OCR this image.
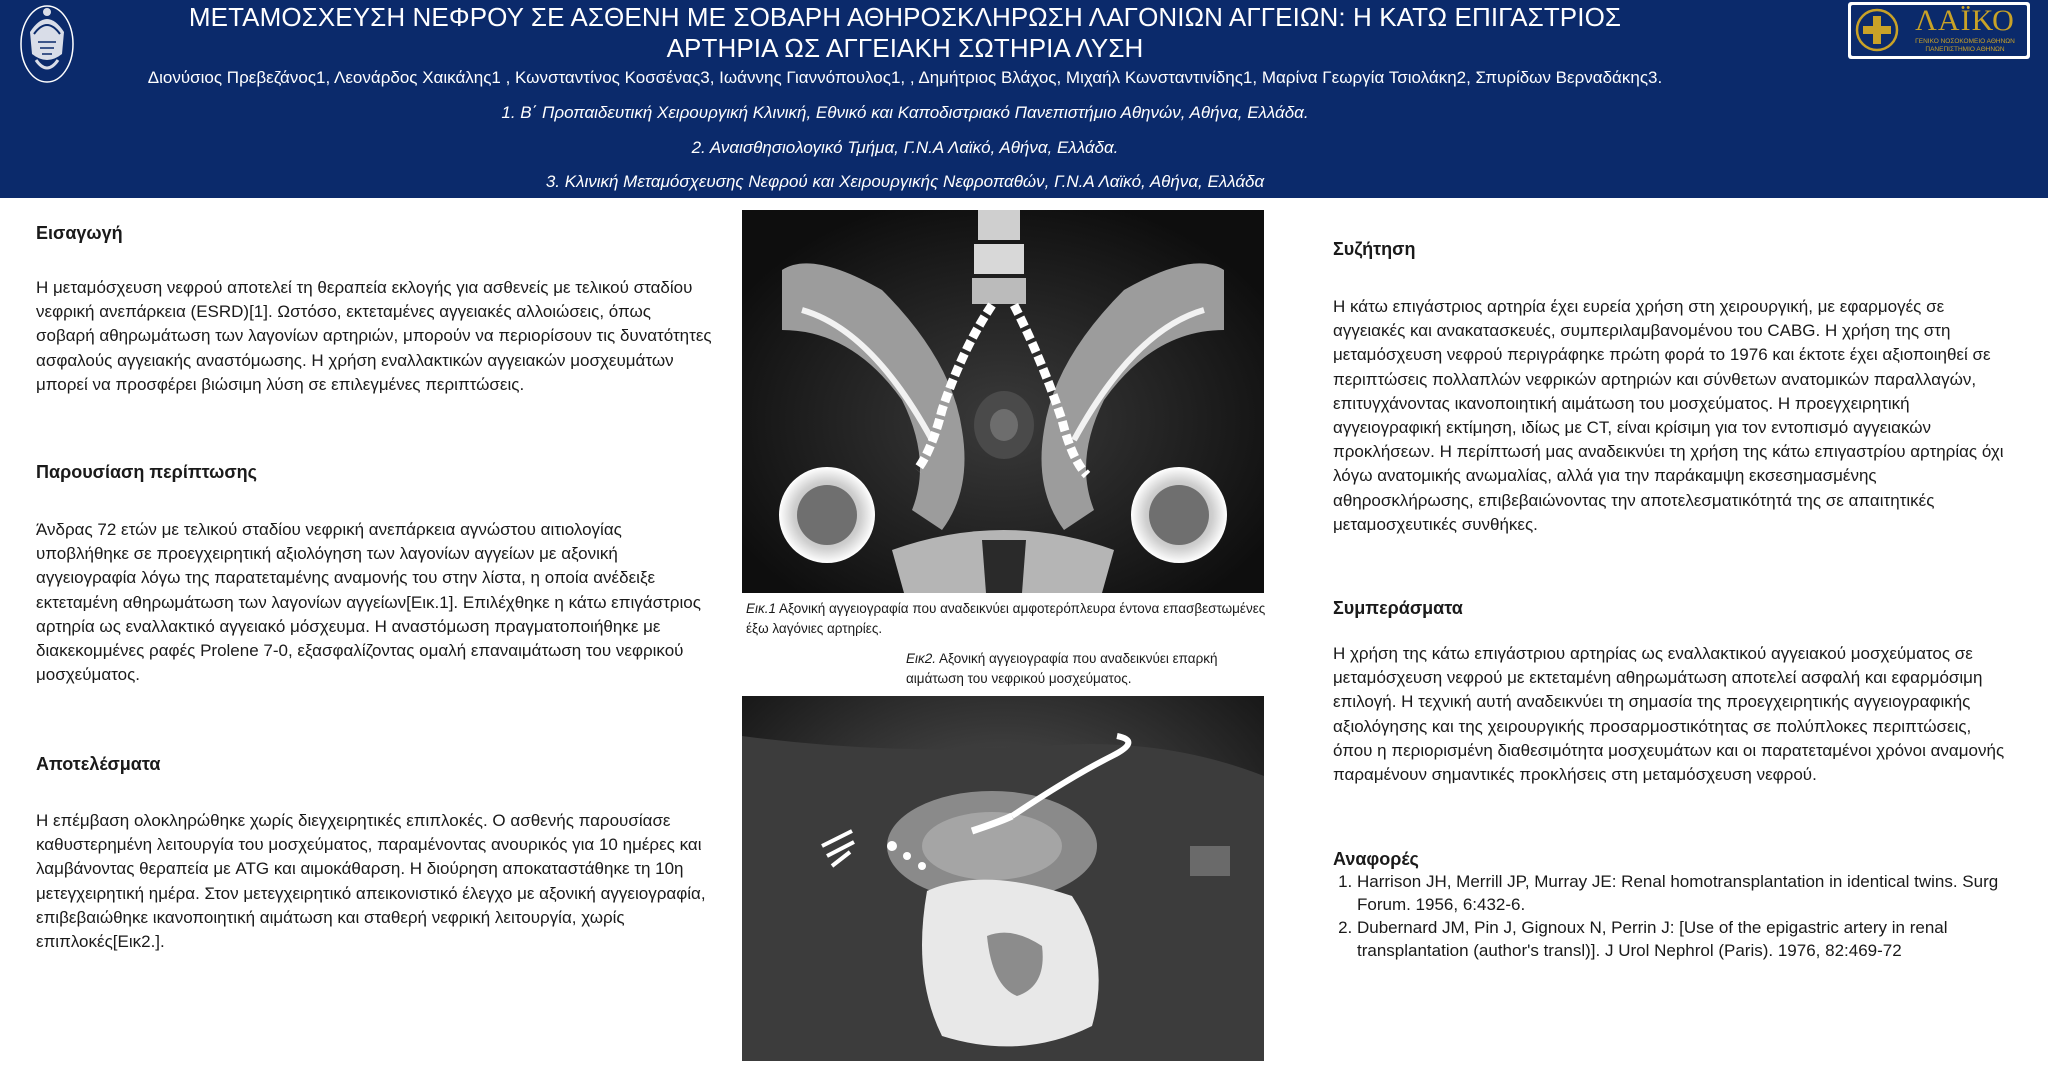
ΜΕΤΑΜΟΣΧΕΥΣΗ ΝΕΦΡΟΥ ΣΕ ΑΣΘΕΝΗ ΜΕ ΣΟΒΑΡΗ ΑΘΗΡΟΣΚΛΗΡΩΣΗ ΛΑΓΟΝΙΩΝ ΑΓΓΕΙΩΝ: Η ΚΑΤΩ ΕΠΙΓΑΣΤΡΙΟΣ
ΑΡΤΗΡΙΑ ΩΣ ΑΓΓΕΙΑΚΗ ΣΩΤΗΡΙΑ ΛΥΣΗ
Διονύσιος Πρεβεζάνος1, Λεονάρδος Χαικάλης1 , Κωνσταντίνος Κοσσένας3, Ιωάννης Γιαννόπουλος1, , Δημήτριος Βλάχος, Μιχαήλ Κωνσταντινίδης1, Μαρίνα Γεωργία Τσιολάκη2, Σπυρίδων Βερναδάκης3.
1. Β΄ Προπαιδευτική Χειρουργική Κλινική, Εθνικό και Καποδιστριακό Πανεπιστήμιο Αθηνών, Αθήνα, Ελλάδα.
2. Αναισθησιολογικό Τμήμα, Γ.Ν.Α Λαϊκό, Αθήνα, Ελλάδα.
3. Κλινική Μεταμόσχευσης Νεφρού και Χειρουργικής Νεφροπαθών, Γ.Ν.Α Λαϊκό, Αθήνα, Ελλάδα
ΛΑΪΚΟ
ΓΕΝΙΚΟ ΝΟΣΟΚΟΜΕΙΟ ΑΘΗΝΩΝ
ΠΑΝΕΠΙΣΤΗΜΙΟ ΑΘΗΝΩΝ
Εισαγωγή
Η μεταμόσχευση νεφρού αποτελεί τη θεραπεία εκλογής για ασθενείς με τελικού σταδίου νεφρική ανεπάρκεια (ESRD)[1]. Ωστόσο, εκτεταμένες αγγειακές αλλοιώσεις, όπως σοβαρή αθηρωμάτωση των λαγονίων αρτηριών, μπορούν να περιορίσουν τις δυνατότητες ασφαλούς αγγειακής αναστόμωσης. Η χρήση εναλλακτικών αγγειακών μοσχευμάτων μπορεί να προσφέρει βιώσιμη λύση σε επιλεγμένες περιπτώσεις.
Παρουσίαση περίπτωσης
Άνδρας 72 ετών με τελικού σταδίου νεφρική ανεπάρκεια αγνώστου αιτιολογίας υποβλήθηκε σε προεγχειρητική αξιολόγηση των λαγονίων αγγείων με αξονική αγγειογραφία λόγω της παρατεταμένης αναμονής του στην λίστα, η οποία ανέδειξε εκτεταμένη αθηρωμάτωση των λαγονίων αγγείων[Εικ.1]. Επιλέχθηκε η κάτω επιγάστριος αρτηρία ως εναλλακτικό αγγειακό μόσχευμα. Η αναστόμωση πραγματοποιήθηκε με διακεκομμένες ραφές Prolene 7-0, εξασφαλίζοντας ομαλή επαναιμάτωση του νεφρικού μοσχεύματος.
Αποτελέσματα
Η επέμβαση ολοκληρώθηκε χωρίς διεγχειρητικές επιπλοκές. Ο ασθενής παρουσίασε καθυστερημένη λειτουργία του μοσχεύματος, παραμένοντας ανουρικός για 10 ημέρες και λαμβάνοντας θεραπεία με ATG και αιμοκάθαρση. Η διούρηση αποκαταστάθηκε τη 10η μετεγχειρητική ημέρα. Στον μετεγχειρητικό απεικονιστικό έλεγχο με αξονική αγγειογραφία, επιβεβαιώθηκε ικανοποιητική αιμάτωση και σταθερή νεφρική λειτουργία, χωρίς επιπλοκές[Εικ2.].
Εικ.1 Αξονική αγγειογραφία που αναδεικνύει αμφοτερόπλευρα έντονα επασβεστωμένες έξω λαγόνιες αρτηρίες.
Εικ2. Αξονική αγγειογραφία που αναδεικνύει επαρκή αιμάτωση του νεφρικού μοσχεύματος.
Συζήτηση
Η κάτω επιγάστριος αρτηρία έχει ευρεία χρήση στη χειρουργική, με εφαρμογές σε αγγειακές και ανακατασκευές, συμπεριλαμβανομένου του CABG. Η χρήση της στη μεταμόσχευση νεφρού περιγράφηκε πρώτη φορά το 1976 και έκτοτε έχει αξιοποιηθεί σε περιπτώσεις πολλαπλών νεφρικών αρτηριών και σύνθετων ανατομικών παραλλαγών, επιτυγχάνοντας ικανοποιητική αιμάτωση του μοσχεύματος. Η προεγχειρητική αγγειογραφική εκτίμηση, ιδίως με CT, είναι κρίσιμη για τον εντοπισμό αγγειακών προκλήσεων. Η περίπτωσή μας αναδεικνύει τη χρήση της κάτω επιγαστρίου αρτηρίας όχι λόγω ανατομικής ανωμαλίας, αλλά για την παράκαμψη εκσεσημασμένης αθηροσκλήρωσης, επιβεβαιώνοντας την αποτελεσματικότητά της σε απαιτητικές μεταμοσχευτικές συνθήκες.
Συμπεράσματα
Η χρήση της κάτω επιγάστριου αρτηρίας ως εναλλακτικού αγγειακού μοσχεύματος σε μεταμόσχευση νεφρού με εκτεταμένη αθηρωμάτωση αποτελεί ασφαλή και εφαρμόσιμη επιλογή. Η τεχνική αυτή αναδεικνύει τη σημασία της προεγχειρητικής αγγειογραφικής αξιολόγησης και της χειρουργικής προσαρμοστικότητας σε πολύπλοκες περιπτώσεις, όπου η περιορισμένη διαθεσιμότητα μοσχευμάτων και οι παρατεταμένοι χρόνοι αναμονής παραμένουν σημαντικές προκλήσεις στη μεταμόσχευση νεφρού.
Αναφορές
1. Harrison JH, Merrill JP, Murray JE: Renal homotransplantation in identical twins. Surg Forum. 1956, 6:432-6.
2. Dubernard JM, Pin J, Gignoux N, Perrin J: [Use of the epigastric artery in renal transplantation (author's transl)]. J Urol Nephrol (Paris). 1976, 82:469-72
